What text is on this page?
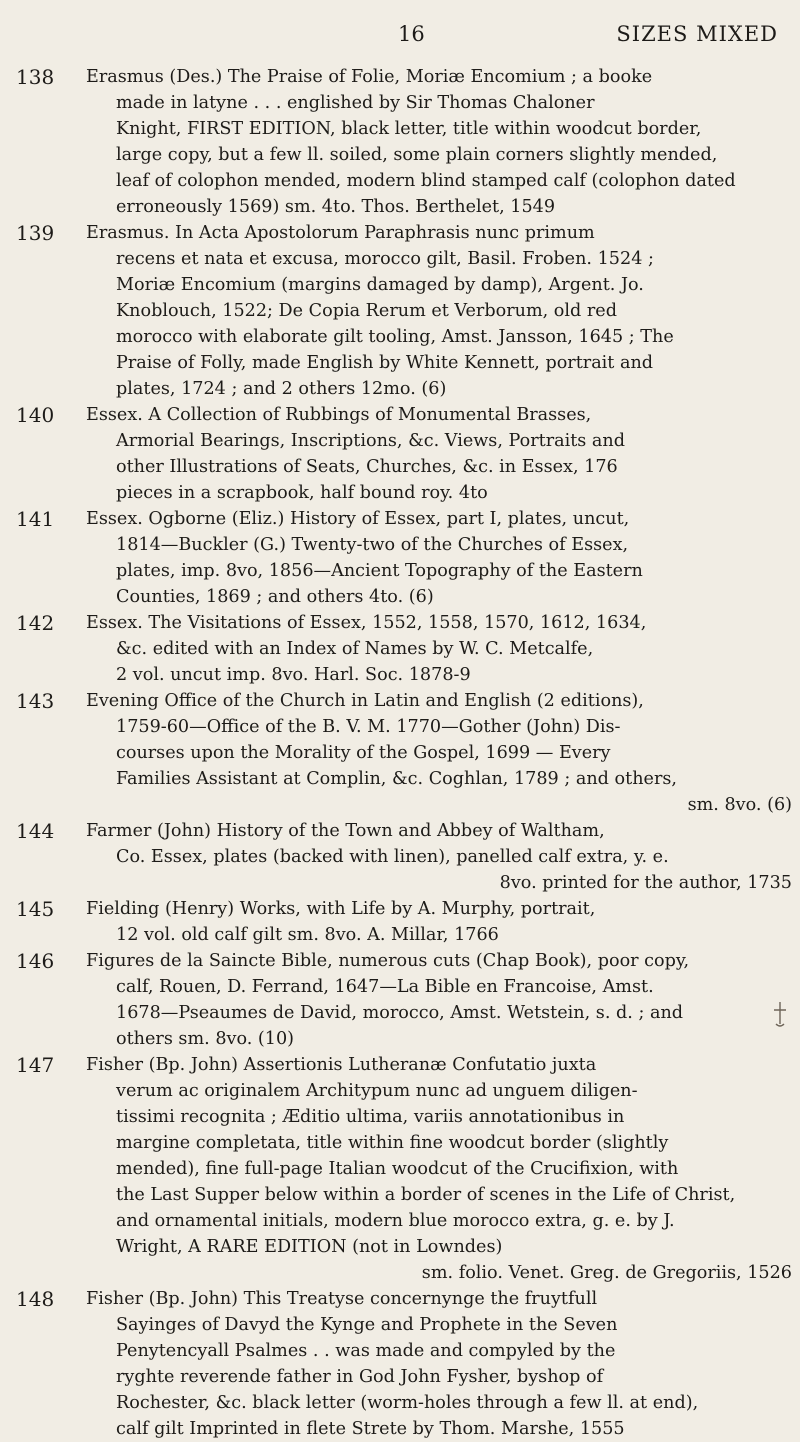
16	SIZES MIXED
138	Erasmus (Des.) The Praise of Folie, Moriæ Encomium ; a booke

made in latyne . . . englished by Sir Thomas Chaloner

Knight, FIRST EDITION, black letter, title within woodcut border,

large copy, but a few ll. soiled, some plain corners slightly mended,

leaf of colophon mended, modern blind stamped calf (colophon dated

erroneously 1569) sm. 4to. Thos. Berthelet, 1549

139	Erasmus. In Acta Apostolorum Paraphrasis nunc primum

recens et nata et excusa, morocco gilt, Basil. Froben. 1524 ;

Moriæ Encomium (margins damaged by damp), Argent. Jo.

Knoblouch, 1522; De Copia Rerum et Verborum, old red

morocco with elaborate gilt tooling, Amst. Jansson, 1645 ; The

Praise of Folly, made English by White Kennett, portrait and

plates, 1724 ; and 2 others 12mo. (6)

140	Essex. A Collection of Rubbings of Monumental Brasses,

Armorial Bearings, Inscriptions, &c. Views, Portraits and

other Illustrations of Seats, Churches, &c. in Essex, 176

pieces in a scrapbook, half bound roy. 4to

141	Essex. Ogborne (Eliz.) History of Essex, part I, plates, uncut,

1814—Buckler (G.) Twenty-two of the Churches of Essex,

plates, imp. 8vo, 1856—Ancient Topography of the Eastern

Counties, 1869 ; and others 4to. (6)

142	Essex. The Visitations of Essex, 1552, 1558, 1570, 1612, 1634,

&c. edited with an Index of Names by W. C. Metcalfe,

2 vol. uncut imp. 8vo. Harl. Soc. 1878-9

143	Evening Office of the Church in Latin and English (2 editions),

1759-60—Office of the B. V. M. 1770—Gother (John) Dis-

courses upon the Morality of the Gospel, 1699 — Every

Families Assistant at Complin, &c. Coghlan, 1789 ; and others,

sm. 8vo. (6)

144	Farmer (John) History of the Town and Abbey of Waltham,

Co. Essex, plates (backed with linen), panelled calf extra, y. e.

8vo. printed for the author, 1735

145	Fielding (Henry) Works, with Life by A. Murphy, portrait,

12 vol. old calf gilt sm. 8vo. A. Millar, 1766

146	Figures de la Saincte Bible, numerous cuts (Chap Book), poor copy,

calf, Rouen, D. Ferrand, 1647—La Bible en Francoise, Amst.

1678—Pseaumes de David, morocco, Amst. Wetstein, s. d. ; and

others sm. 8vo. (10)

147	Fisher (Bp. John) Assertionis Lutheranæ Confutatio juxta

verum ac originalem Architypum nunc ad unguem diligen-

tissimi recognita ; Æditio ultima, variis annotationibus in

margine completata, title within fine woodcut border (slightly

mended), fine full-page Italian woodcut of the Crucifixion, with

the Last Supper below within a border of scenes in the Life of Christ,

and ornamental initials, modern blue morocco extra, g. e. by J.

Wright, A RARE EDITION (not in Lowndes)

sm. folio. Venet. Greg. de Gregoriis, 1526

148	Fisher (Bp. John) This Treatyse concernynge the fruytfull

Sayinges of Davyd the Kynge and Prophete in the Seven

Penytencyall Psalmes . . was made and compyled by the

ryghte reverende father in God John Fysher, byshop of

Rochester, &c. black letter (worm-holes through a few ll. at end),

calf gilt Imprinted in flete Strete by Thom. Marshe, 1555
